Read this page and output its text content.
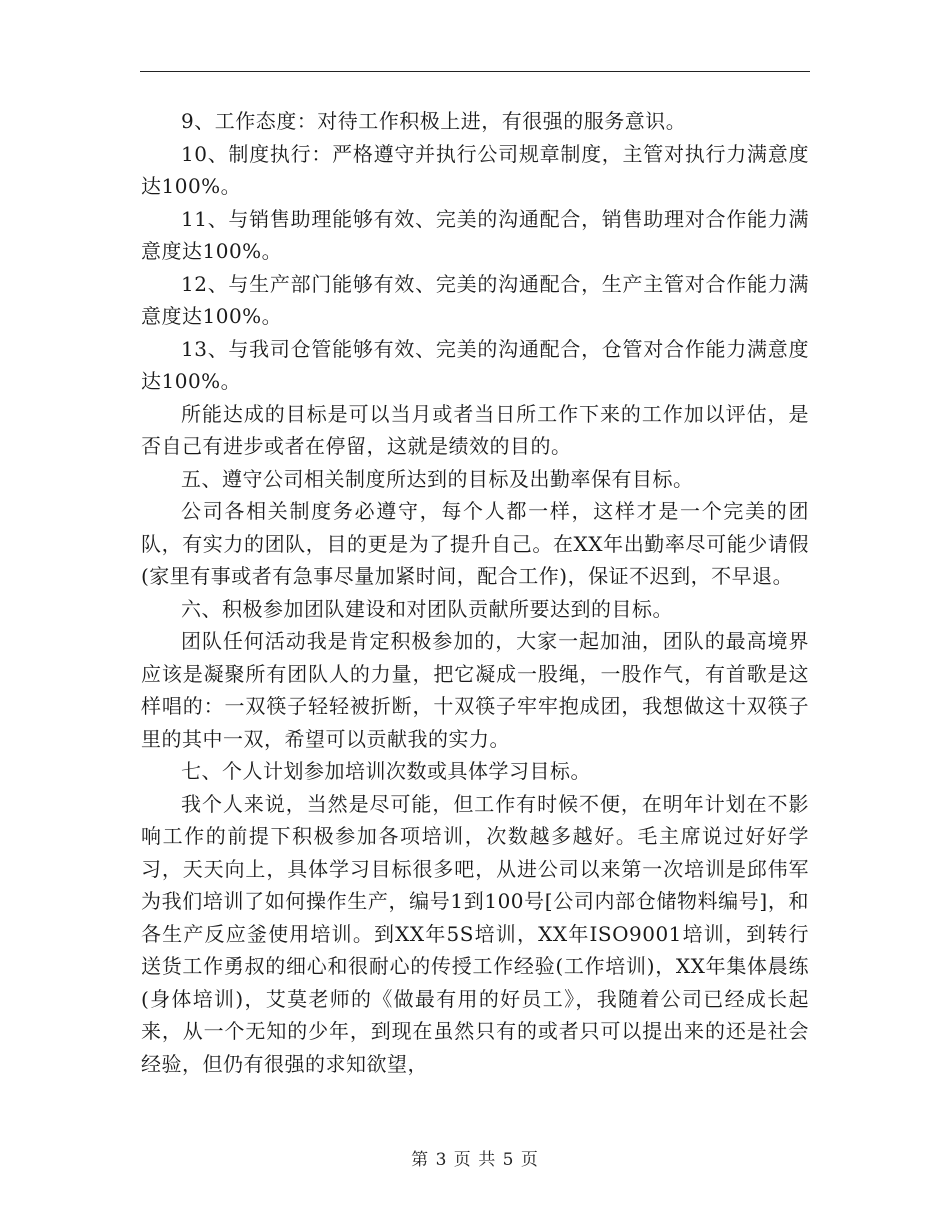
9、工作态度：对待工作积极上进，有很强的服务意识。

10、制度执行：严格遵守并执行公司规章制度，主管对执行力满意度达100%。

11、与销售助理能够有效、完美的沟通配合，销售助理对合作能力满意度达100%。

12、与生产部门能够有效、完美的沟通配合，生产主管对合作能力满意度达100%。

13、与我司仓管能够有效、完美的沟通配合，仓管对合作能力满意度达100%。

所能达成的目标是可以当月或者当日所工作下来的工作加以评估，是否自己有进步或者在停留，这就是绩效的目的。

五、遵守公司相关制度所达到的目标及出勤率保有目标。

公司各相关制度务必遵守，每个人都一样，这样才是一个完美的团队，有实力的团队，目的更是为了提升自己。在XX年出勤率尽可能少请假(家里有事或者有急事尽量加紧时间，配合工作)，保证不迟到，不早退。

六、积极参加团队建设和对团队贡献所要达到的目标。

团队任何活动我是肯定积极参加的，大家一起加油，团队的最高境界应该是凝聚所有团队人的力量，把它凝成一股绳，一股作气，有首歌是这样唱的：一双筷子轻轻被折断，十双筷子牢牢抱成团，我想做这十双筷子里的其中一双，希望可以贡献我的实力。

七、个人计划参加培训次数或具体学习目标。

我个人来说，当然是尽可能，但工作有时候不便，在明年计划在不影响工作的前提下积极参加各项培训，次数越多越好。毛主席说过好好学习，天天向上，具体学习目标很多吧，从进公司以来第一次培训是邱伟军为我们培训了如何操作生产，编号1到100号[公司内部仓储物料编号]，和各生产反应釜使用培训。到XX年5S培训，XX年ISO9001培训，到转行送货工作勇叔的细心和很耐心的传授工作经验(工作培训)，XX年集体晨练(身体培训)，艾莫老师的《做最有用的好员工》，我随着公司已经成长起来，从一个无知的少年，到现在虽然只有的或者只可以提出来的还是社会经验，但仍有很强的求知欲望，

第 3 页 共 5 页
